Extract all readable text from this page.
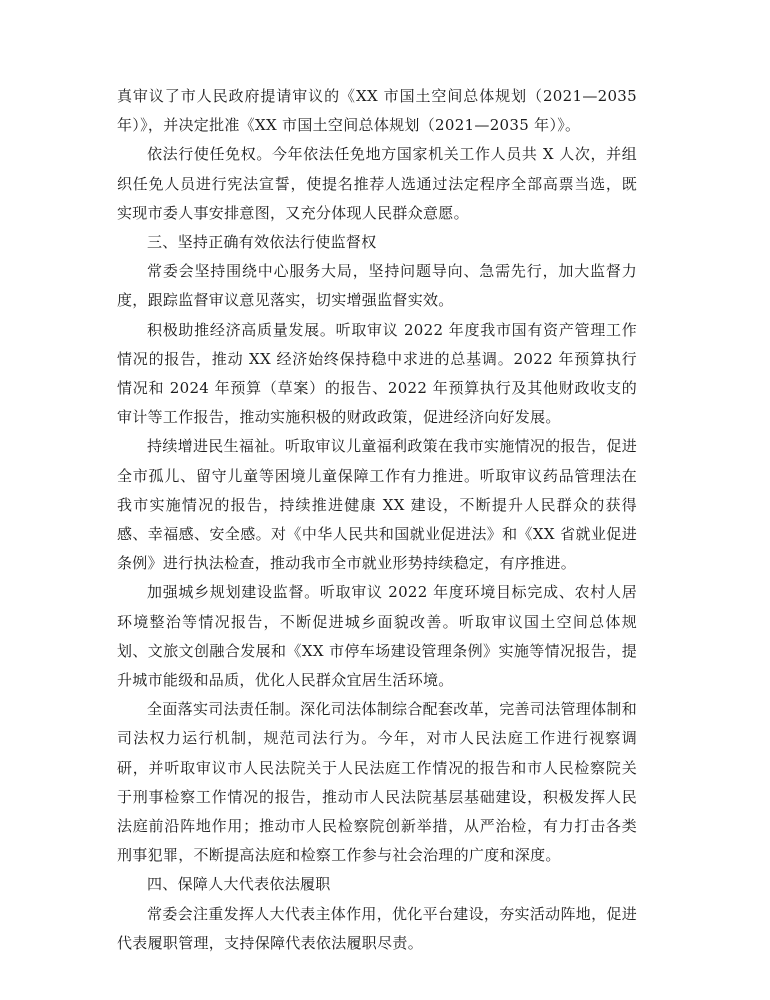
真审议了市人民政府提请审议的《XX 市国土空间总体规划（2021—2035 年）》，并决定批准《XX 市国土空间总体规划（2021—2035 年）》。

依法行使任免权。今年依法任免地方国家机关工作人员共 X 人次，并组织任免人员进行宪法宣誓，使提名推荐人选通过法定程序全部高票当选，既实现市委人事安排意图，又充分体现人民群众意愿。

三、坚持正确有效依法行使监督权

常委会坚持围绕中心服务大局，坚持问题导向、急需先行，加大监督力度，跟踪监督审议意见落实，切实增强监督实效。

积极助推经济高质量发展。听取审议 2022 年度我市国有资产管理工作情况的报告，推动 XX 经济始终保持稳中求进的总基调。2022 年预算执行情况和 2024 年预算（草案）的报告、2022 年预算执行及其他财政收支的审计等工作报告，推动实施积极的财政政策，促进经济向好发展。

持续增进民生福祉。听取审议儿童福利政策在我市实施情况的报告，促进全市孤儿、留守儿童等困境儿童保障工作有力推进。听取审议药品管理法在我市实施情况的报告，持续推进健康 XX 建设，不断提升人民群众的获得感、幸福感、安全感。对《中华人民共和国就业促进法》和《XX 省就业促进条例》进行执法检查，推动我市全市就业形势持续稳定，有序推进。

加强城乡规划建设监督。听取审议 2022 年度环境目标完成、农村人居环境整治等情况报告，不断促进城乡面貌改善。听取审议国土空间总体规划、文旅文创融合发展和《XX 市停车场建设管理条例》实施等情况报告，提升城市能级和品质，优化人民群众宜居生活环境。

全面落实司法责任制。深化司法体制综合配套改革，完善司法管理体制和司法权力运行机制，规范司法行为。今年，对市人民法庭工作进行视察调研，并听取审议市人民法院关于人民法庭工作情况的报告和市人民检察院关于刑事检察工作情况的报告，推动市人民法院基层基础建设，积极发挥人民法庭前沿阵地作用；推动市人民检察院创新举措，从严治检，有力打击各类刑事犯罪，不断提高法庭和检察工作参与社会治理的广度和深度。

四、保障人大代表依法履职

常委会注重发挥人大代表主体作用，优化平台建设，夯实活动阵地，促进代表履职管理，支持保障代表依法履职尽责。
